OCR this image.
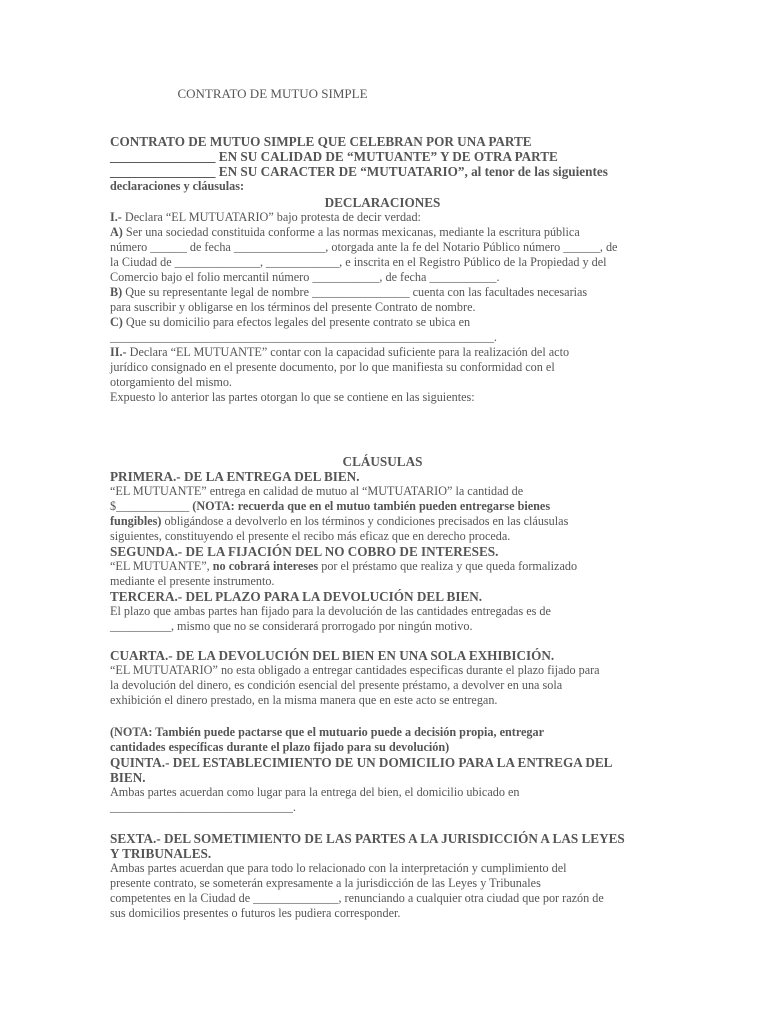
CONTRATO DE MUTUO SIMPLE
CONTRATO DE MUTUO SIMPLE QUE CELEBRAN POR UNA PARTE
________________ EN SU CALIDAD DE “MUTUANTE” Y DE OTRA PARTE
________________ EN SU CARACTER DE “MUTUATARIO”, al tenor de las siguientes
declaraciones y cláusulas:
DECLARACIONES
I.- Declara “EL MUTUATARIO” bajo protesta de decir verdad:
A) Ser una sociedad constituida conforme a las normas mexicanas, mediante la escritura pública
número ______ de fecha _______________, otorgada ante la fe del Notario Público número ______, de
la Ciudad de ______________, ____________, e inscrita en el Registro Público de la Propiedad y del
Comercio bajo el folio mercantil número ___________, de fecha ___________.
B) Que su representante legal de nombre ________________ cuenta con las facultades necesarias
para suscribir y obligarse en los términos del presente Contrato de nombre.
C) Que su domicilio para efectos legales del presente contrato se ubica en
_______________________________________________________________.
II.- Declara “EL MUTUANTE” contar con la capacidad suficiente para la realización del acto
jurídico consignado en el presente documento, por lo que manifiesta su conformidad con el
otorgamiento del mismo.
Expuesto lo anterior las partes otorgan lo que se contiene en las siguientes:
CLÁUSULAS
PRIMERA.- DE LA ENTREGA DEL BIEN.
“EL MUTUANTE” entrega en calidad de mutuo al “MUTUATARIO” la cantidad de
$____________ (NOTA: recuerda que en el mutuo también pueden entregarse bienes
fungibles) obligándose a devolverlo en los términos y condiciones precisados en las cláusulas
siguientes, constituyendo el presente el recibo más eficaz que en derecho proceda.
SEGUNDA.- DE LA FIJACIÓN DEL NO COBRO DE INTERESES.
“EL MUTUANTE”, no cobrará intereses por el préstamo que realiza y que queda formalizado
mediante el presente instrumento.
TERCERA.- DEL PLAZO PARA LA DEVOLUCIÓN DEL BIEN.
El plazo que ambas partes han fijado para la devolución de las cantidades entregadas es de
__________, mismo que no se considerará prorrogado por ningún motivo.
CUARTA.- DE LA DEVOLUCIÓN DEL BIEN EN UNA SOLA EXHIBICIÓN.
“EL MUTUATARIO” no esta obligado a entregar cantidades especificas durante el plazo fijado para
la devolución del dinero, es condición esencial del presente préstamo, a devolver en una sola
exhibición el dinero prestado, en la misma manera que en este acto se entregan.
(NOTA: También puede pactarse que el mutuario puede a decisión propia, entregar
cantidades específicas durante el plazo fijado para su devolución)
QUINTA.- DEL ESTABLECIMIENTO DE UN DOMICILIO PARA LA ENTREGA DEL
BIEN.
Ambas partes acuerdan como lugar para la entrega del bien, el domicilio ubicado en
______________________________.
SEXTA.- DEL SOMETIMIENTO DE LAS PARTES A LA JURISDICCIÓN A LAS LEYES
Y TRIBUNALES.
Ambas partes acuerdan que para todo lo relacionado con la interpretación y cumplimiento del
presente contrato, se someterán expresamente a la jurisdicción de las Leyes y Tribunales
competentes en la Ciudad de ______________, renunciando a cualquier otra ciudad que por razón de
sus domicilios presentes o futuros les pudiera corresponder.
